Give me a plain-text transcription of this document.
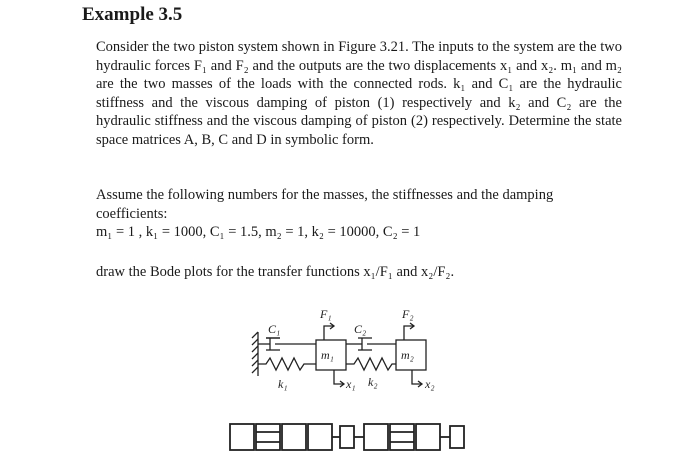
Example 3.5
Consider the two piston system shown in Figure 3.21. The inputs to the system are the two hydraulic forces F₁ and F₂ and the outputs are the two displacements x₁ and x₂. m₁ and m₂ are the two masses of the loads with the connected rods. k₁ and C₁ are the hydraulic stiffness and the viscous damping of piston (1) respectively and k₂ and C₂ are the hydraulic stiffness and the viscous damping of piston (2) respectively. Determine the state space matrices A, B, C and D in symbolic form.
Assume the following numbers for the masses, the stiffnesses and the damping coefficients:
m₁ = 1 , k₁ = 1000, C₁ = 1.5, m₂ = 1, k₂ = 10000, C₂ = 1
draw the Bode plots for the transfer functions x₁/F₁ and x₂/F₂.
F₁	F₂
C₁	C₂
m₁	m₂
k₁	k₂
x₁	x₂
